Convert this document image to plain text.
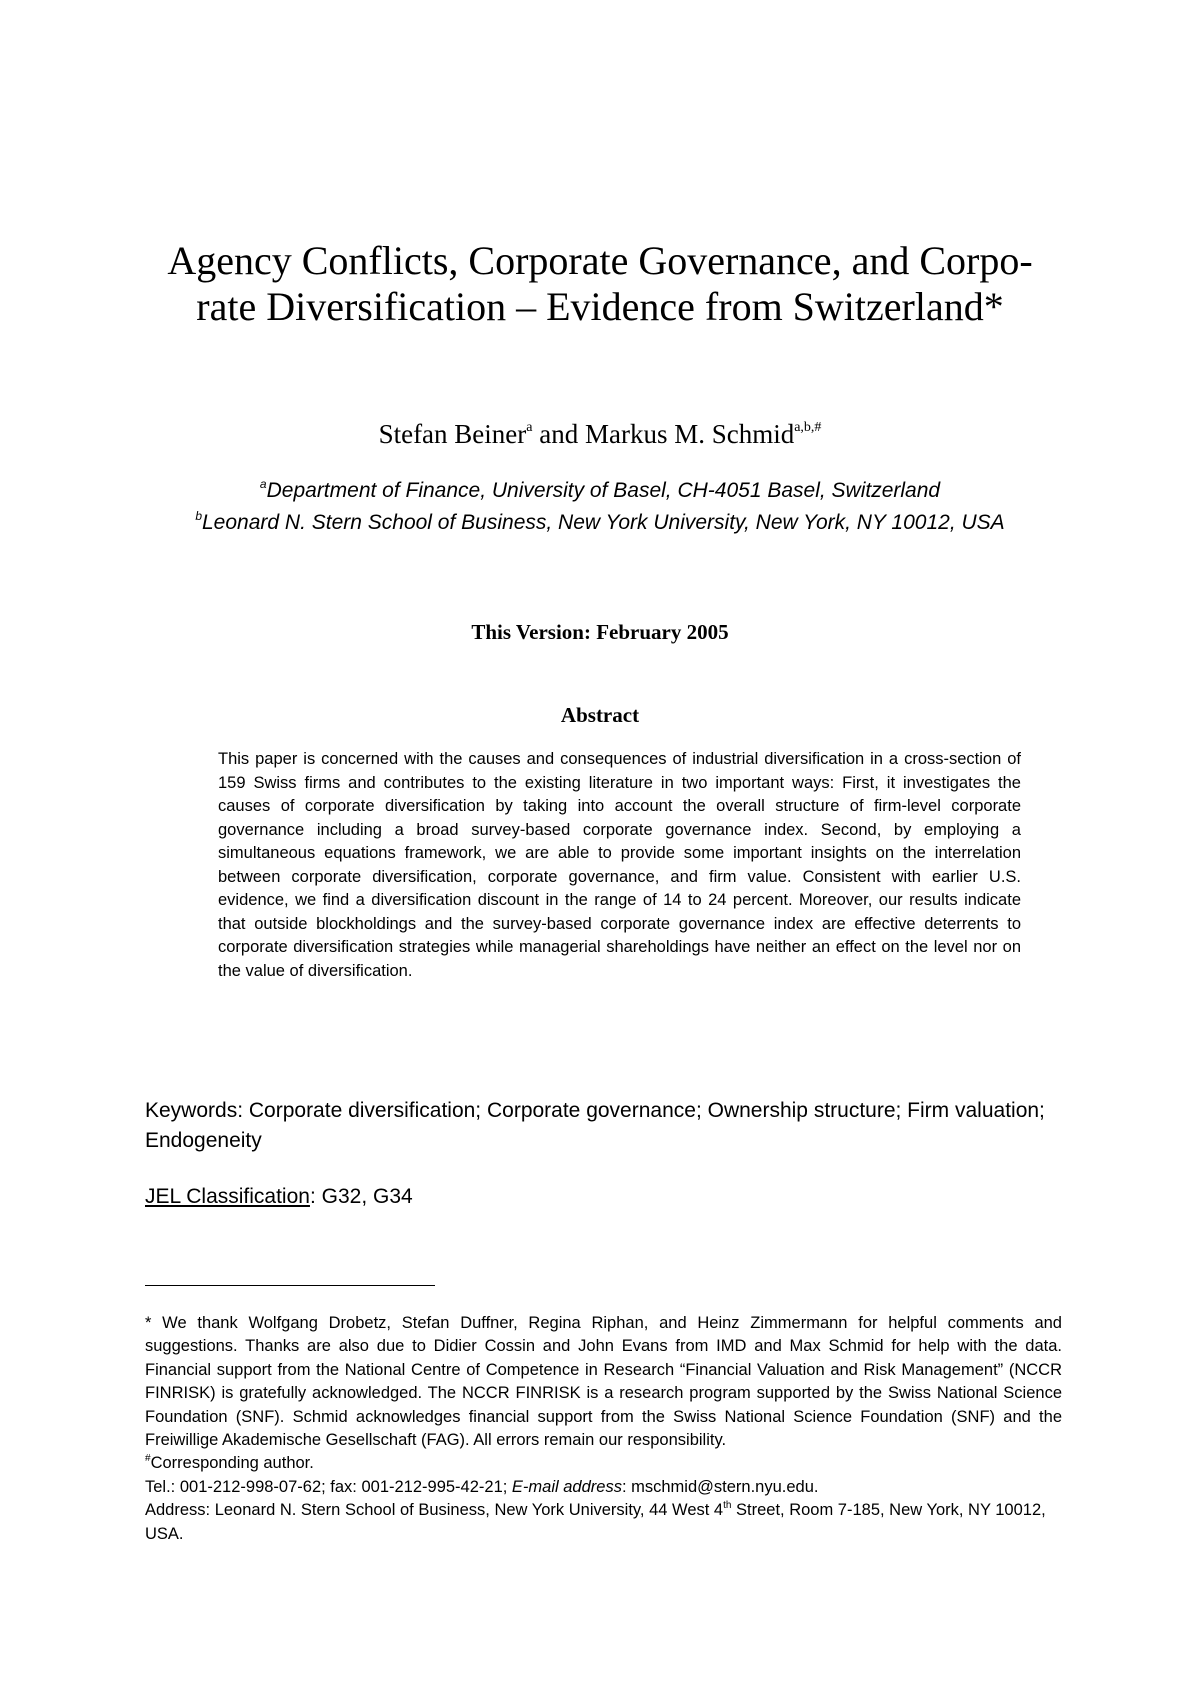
Agency Conflicts, Corporate Governance, and Corpo-
rate Diversification – Evidence from Switzerland*
Stefan Beiner$^a$ and Markus M. Schmid$^{a,b,\#}$
$^a$Department of Finance, University of Basel, CH-4051 Basel, Switzerland
$^b$Leonard N. Stern School of Business, New York University, New York, NY 10012, USA
This Version: February 2005
Abstract
This paper is concerned with the causes and consequences of industrial diversification in a cross-section of 159 Swiss firms and contributes to the existing literature in two important ways: First, it investigates the causes of corporate diversification by taking into account the overall structure of firm-level corporate governance including a broad survey-based corporate governance index. Second, by employing a simultaneous equations framework, we are able to provide some important insights on the interrelation between corporate diversification, corporate governance, and firm value. Consistent with earlier U.S. evidence, we find a diversification discount in the range of 14 to 24 percent. Moreover, our results indicate that outside blockholdings and the survey-based corporate governance index are effective deterrents to corporate diversification strategies while managerial shareholdings have neither an effect on the level nor on the value of diversification.
Keywords: Corporate diversification; Corporate governance; Ownership structure; Firm valuation; Endogeneity
JEL Classification: G32, G34

* We thank Wolfgang Drobetz, Stefan Duffner, Regina Riphan, and Heinz Zimmermann for helpful comments and suggestions. Thanks are also due to Didier Cossin and John Evans from IMD and Max Schmid for help with the data. Financial support from the National Centre of Competence in Research “Financial Valuation and Risk Management” (NCCR FINRISK) is gratefully acknowledged. The NCCR FINRISK is a research program supported by the Swiss National Science Foundation (SNF). Schmid acknowledges financial support from the Swiss National Science Foundation (SNF) and the Freiwillige Akademische Gesellschaft (FAG). All errors remain our responsibility.

#Corresponding author.

Tel.: 001-212-998-07-62; fax: 001-212-995-42-21; E-mail address: mschmid@stern.nyu.edu.

Address: Leonard N. Stern School of Business, New York University, 44 West 4th Street, Room 7-185, New York, NY 10012, USA.
